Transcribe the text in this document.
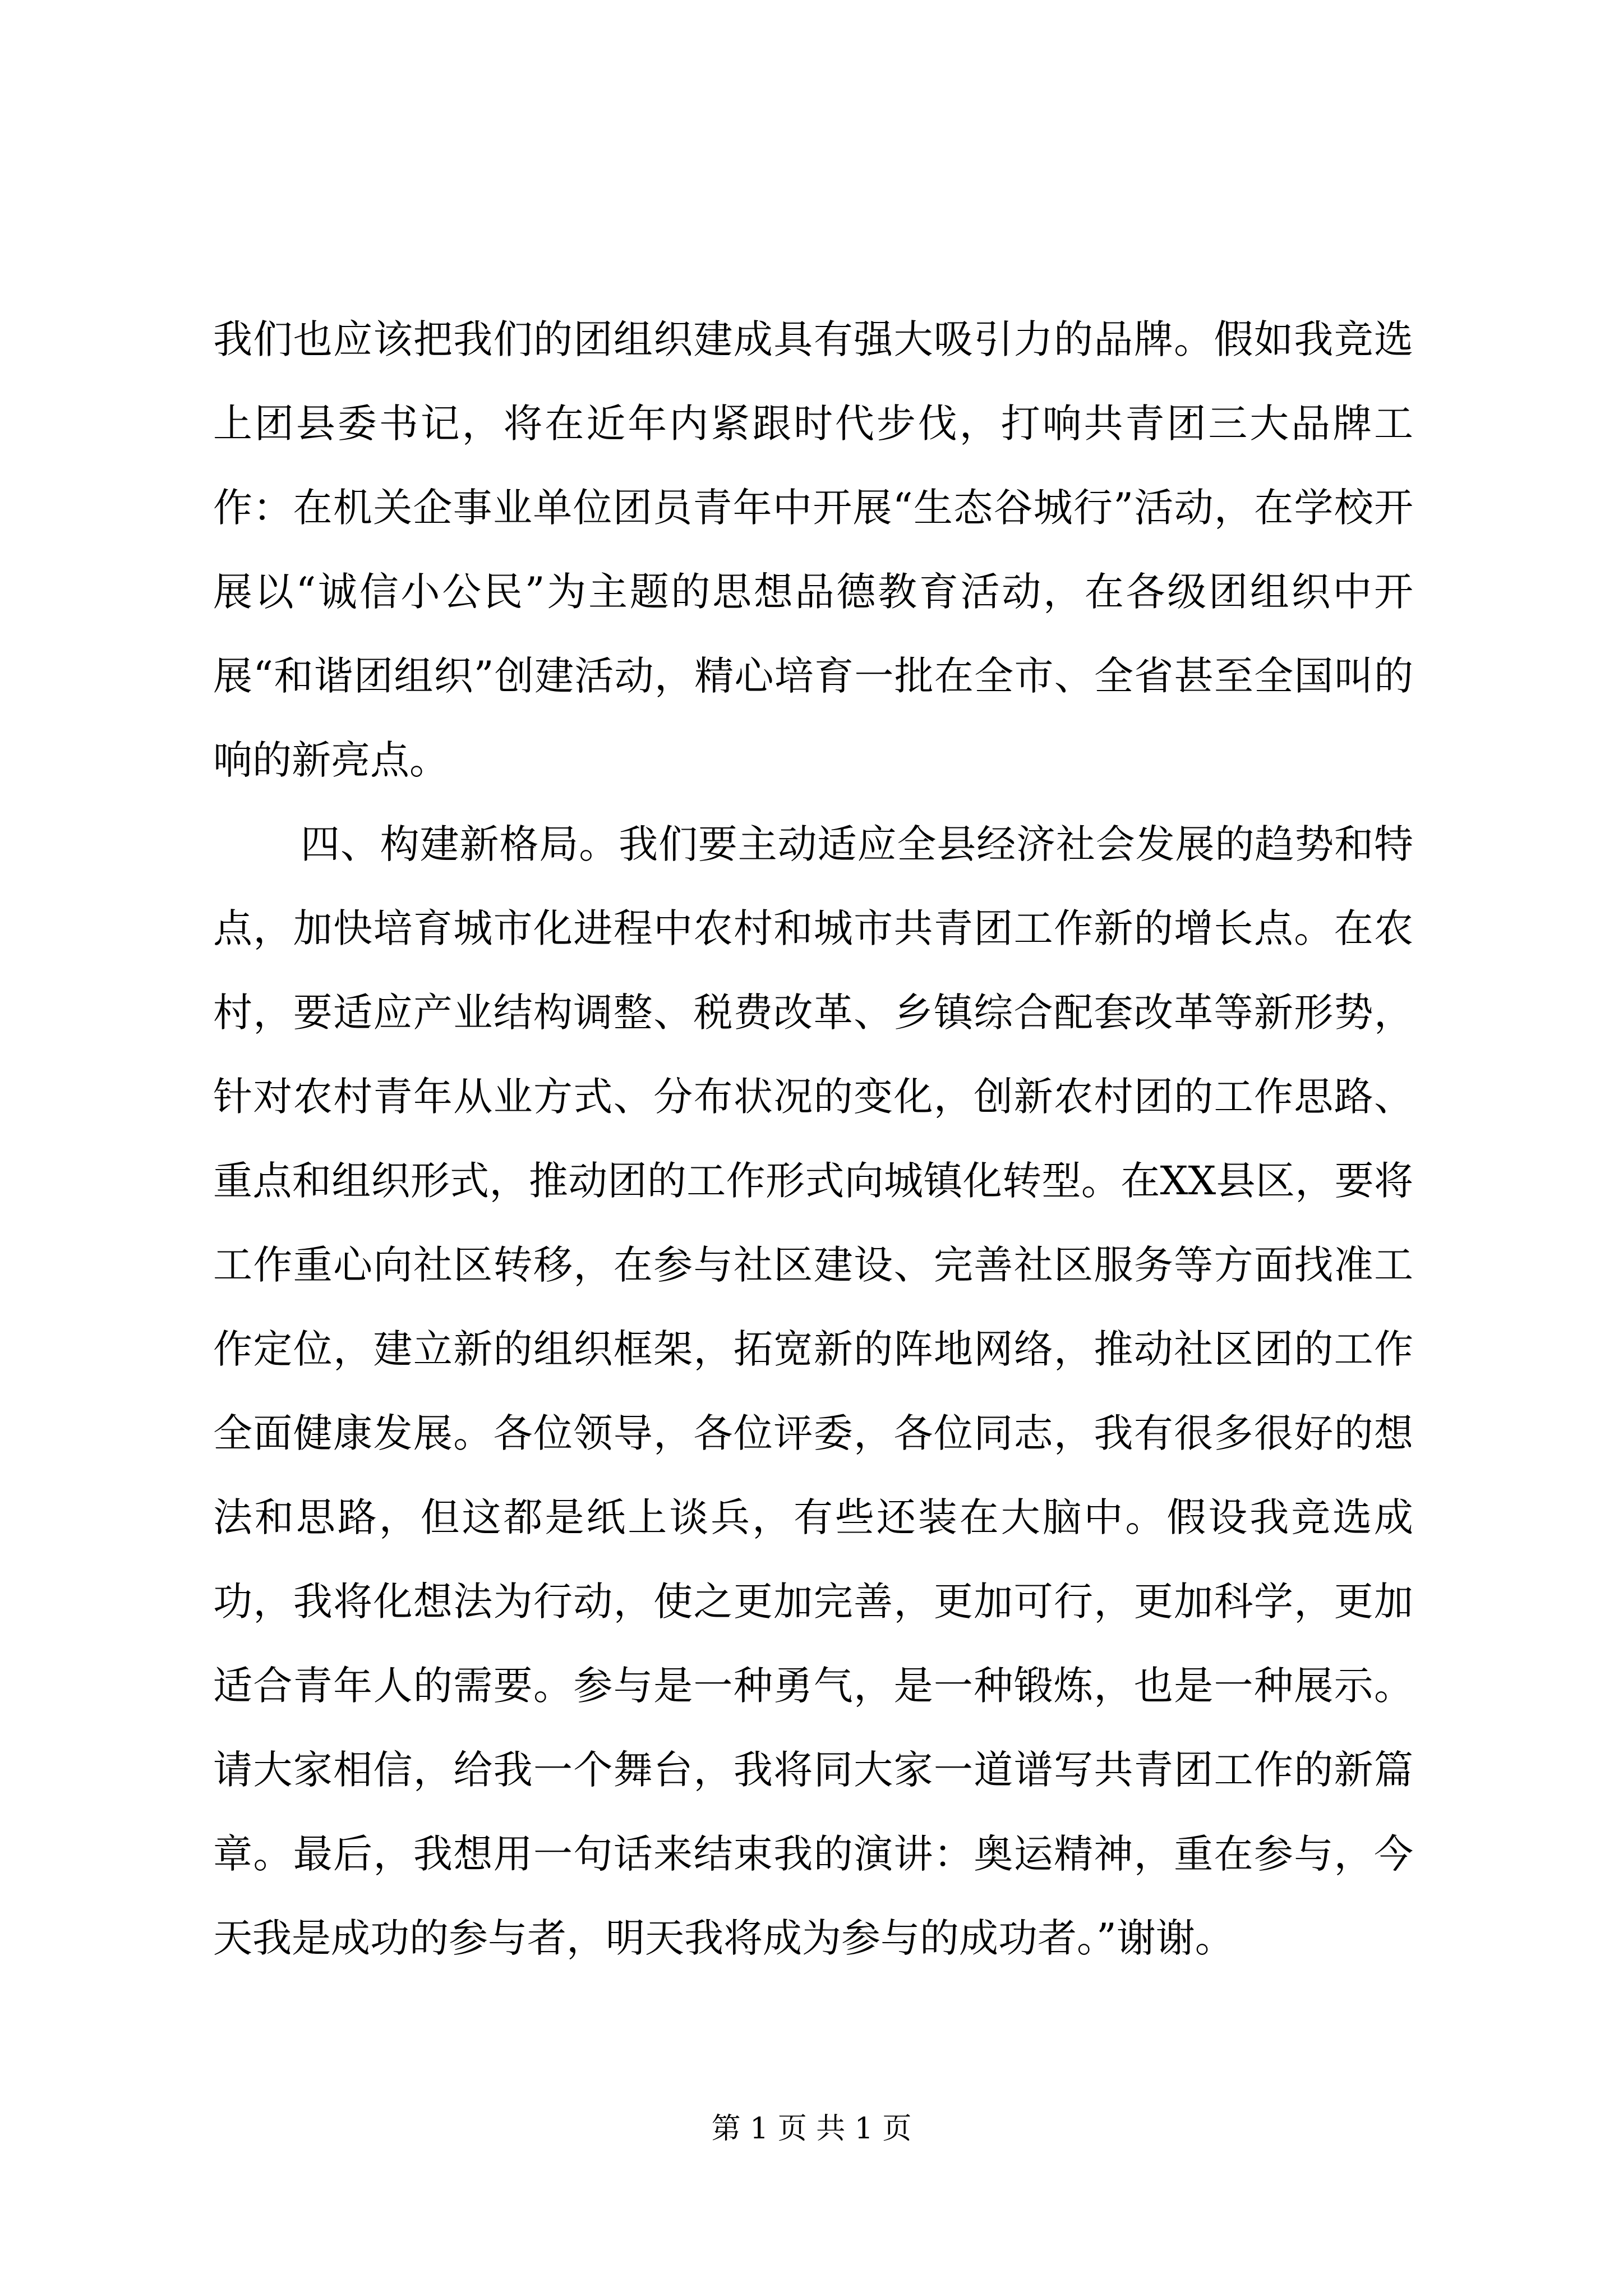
我们也应该把我们的团组织建成具有强大吸引力的品牌。假如我竞选上团县委书记，将在近年内紧跟时代步伐，打响共青团三大品牌工作：在机关企事业单位团员青年中开展“生态谷城行”活动，在学校开展以“诚信小公民”为主题的思想品德教育活动，在各级团组织中开展“和谐团组织”创建活动，精心培育一批在全市、全省甚至全国叫的响的新亮点。

四、构建新格局。我们要主动适应全县经济社会发展的趋势和特点，加快培育城市化进程中农村和城市共青团工作新的增长点。在农村，要适应产业结构调整、税费改革、乡镇综合配套改革等新形势，针对农村青年从业方式、分布状况的变化，创新农村团的工作思路、重点和组织形式，推动团的工作形式向城镇化转型。在XX县区，要将工作重心向社区转移，在参与社区建设、完善社区服务等方面找准工作定位，建立新的组织框架，拓宽新的阵地网络，推动社区团的工作全面健康发展。各位领导，各位评委，各位同志，我有很多很好的想法和思路，但这都是纸上谈兵，有些还装在大脑中。假设我竞选成功，我将化想法为行动，使之更加完善，更加可行，更加科学，更加适合青年人的需要。参与是一种勇气，是一种锻炼，也是一种展示。请大家相信，给我一个舞台，我将同大家一道谱写共青团工作的新篇章。最后，我想用一句话来结束我的演讲：奥运精神，重在参与，今天我是成功的参与者，明天我将成为参与的成功者。”谢谢。

第 1 页 共 1 页
